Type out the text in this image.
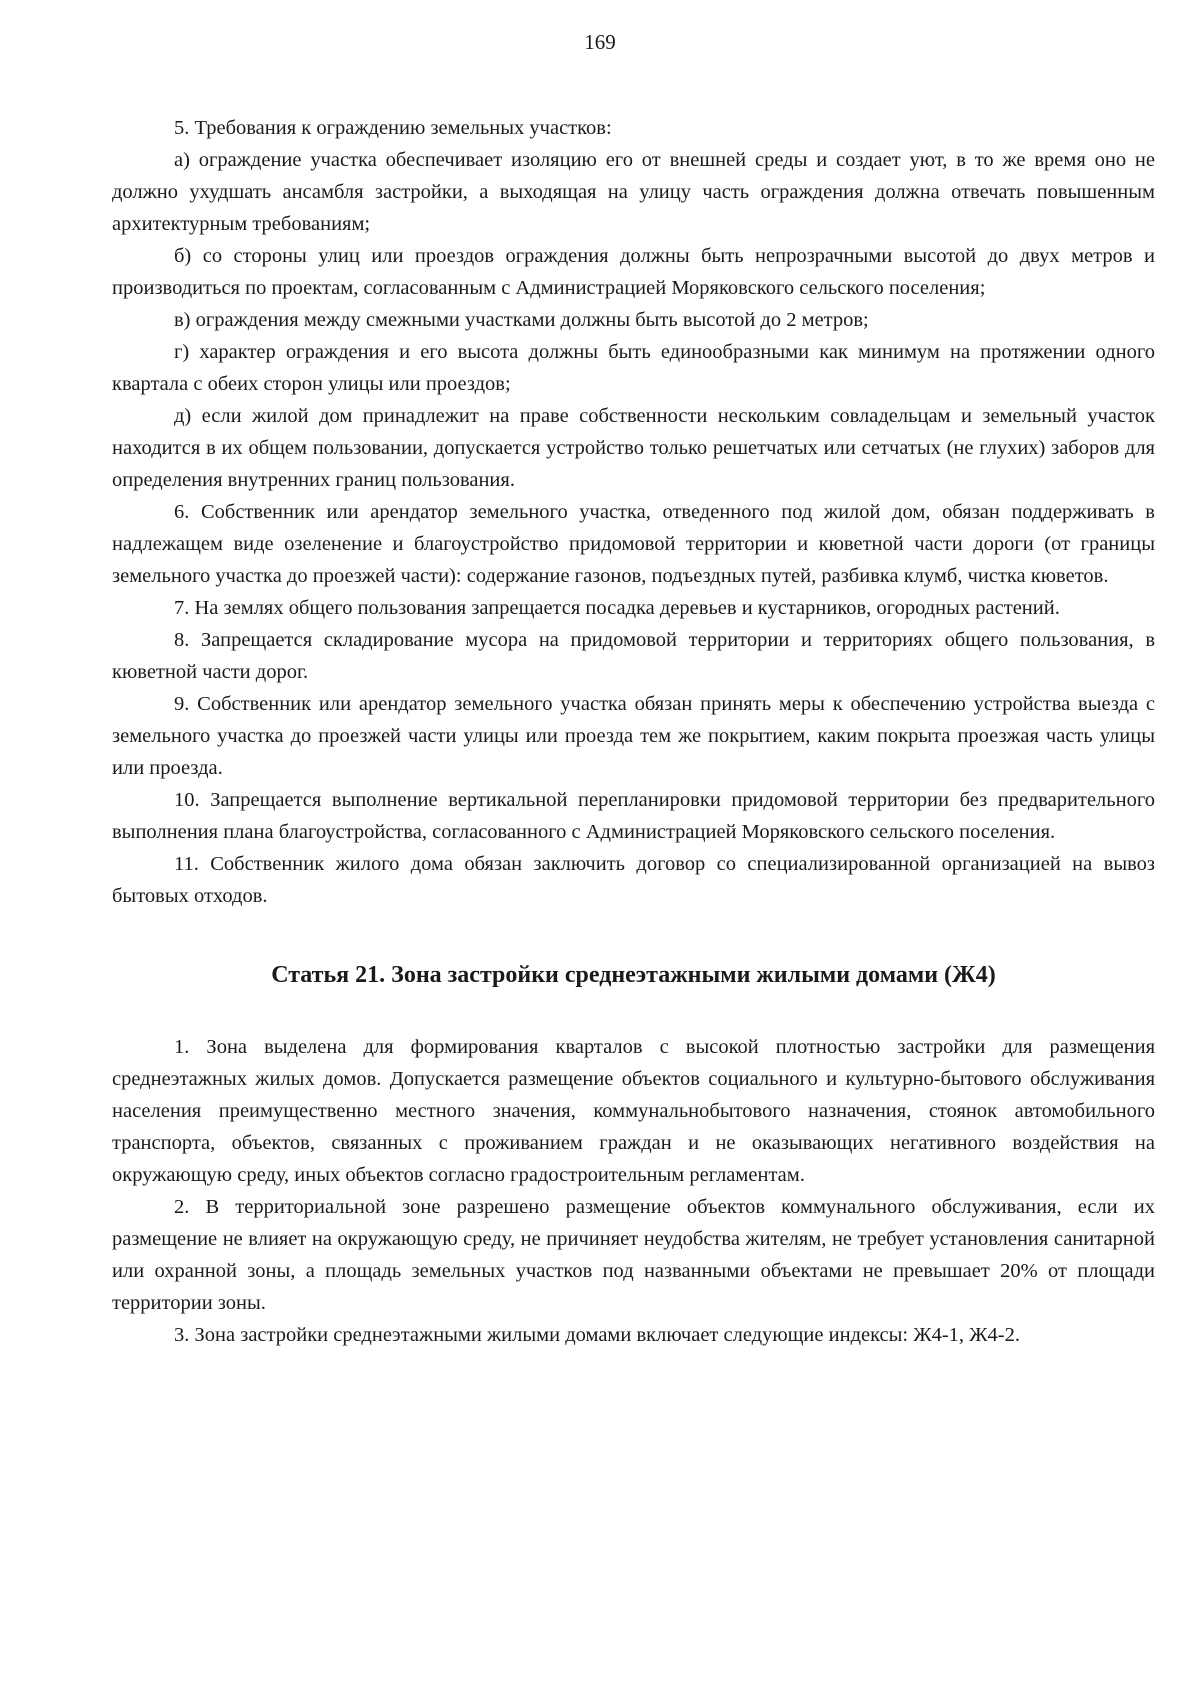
169

5. Требования к ограждению земельных участков:

а) ограждение участка обеспечивает изоляцию его от внешней среды и создает уют, в то же время оно не должно ухудшать ансамбля застройки, а выходящая на улицу часть ограждения должна отвечать повышенным архитектурным требованиям;

б) со стороны улиц или проездов ограждения должны быть непрозрачными высотой до двух метров и производиться по проектам, согласованным с Администрацией Моряковского сельского поселения;

в) ограждения между смежными участками должны быть высотой до 2 метров;

г) характер ограждения и его высота должны быть единообразными как минимум на протяжении одного квартала с обеих сторон улицы или проездов;

д) если жилой дом принадлежит на праве собственности нескольким совладельцам и земельный участок находится в их общем пользовании, допускается устройство только решетчатых или сетчатых (не глухих) заборов для определения внутренних границ пользования.

6. Собственник или арендатор земельного участка, отведенного под жилой дом, обязан поддерживать в надлежащем виде озеленение и благоустройство придомовой территории и кюветной части дороги (от границы земельного участка до проезжей части): содержание газонов, подъездных путей, разбивка клумб, чистка кюветов.

7. На землях общего пользования запрещается посадка деревьев и кустарников, огородных растений.

8. Запрещается складирование мусора на придомовой территории и территориях общего пользования, в кюветной части дорог.

9. Собственник или арендатор земельного участка обязан принять меры к обеспечению устройства выезда с земельного участка до проезжей части улицы или проезда тем же покрытием, каким покрыта проезжая часть улицы или проезда.

10. Запрещается выполнение вертикальной перепланировки придомовой территории без предварительного выполнения плана благоустройства, согласованного с Администрацией Моряковского сельского поселения.

11. Собственник жилого дома обязан заключить договор со специализированной организацией на вывоз бытовых отходов.

Статья 21. Зона застройки среднеэтажными жилыми домами (Ж4)

1. Зона выделена для формирования кварталов с высокой плотностью застройки для размещения среднеэтажных жилых домов. Допускается размещение объектов социального и культурно-бытового обслуживания населения преимущественно местного значения, коммунальнобытового назначения, стоянок автомобильного транспорта, объектов, связанных с проживанием граждан и не оказывающих негативного воздействия на окружающую среду, иных объектов согласно градостроительным регламентам.

2. В территориальной зоне разрешено размещение объектов коммунального обслуживания, если их размещение не влияет на окружающую среду, не причиняет неудобства жителям, не требует установления санитарной или охранной зоны, а площадь земельных участков под названными объектами не превышает 20% от площади территории зоны.

3. Зона застройки среднеэтажными жилыми домами включает следующие индексы: Ж4-1, Ж4-2.
